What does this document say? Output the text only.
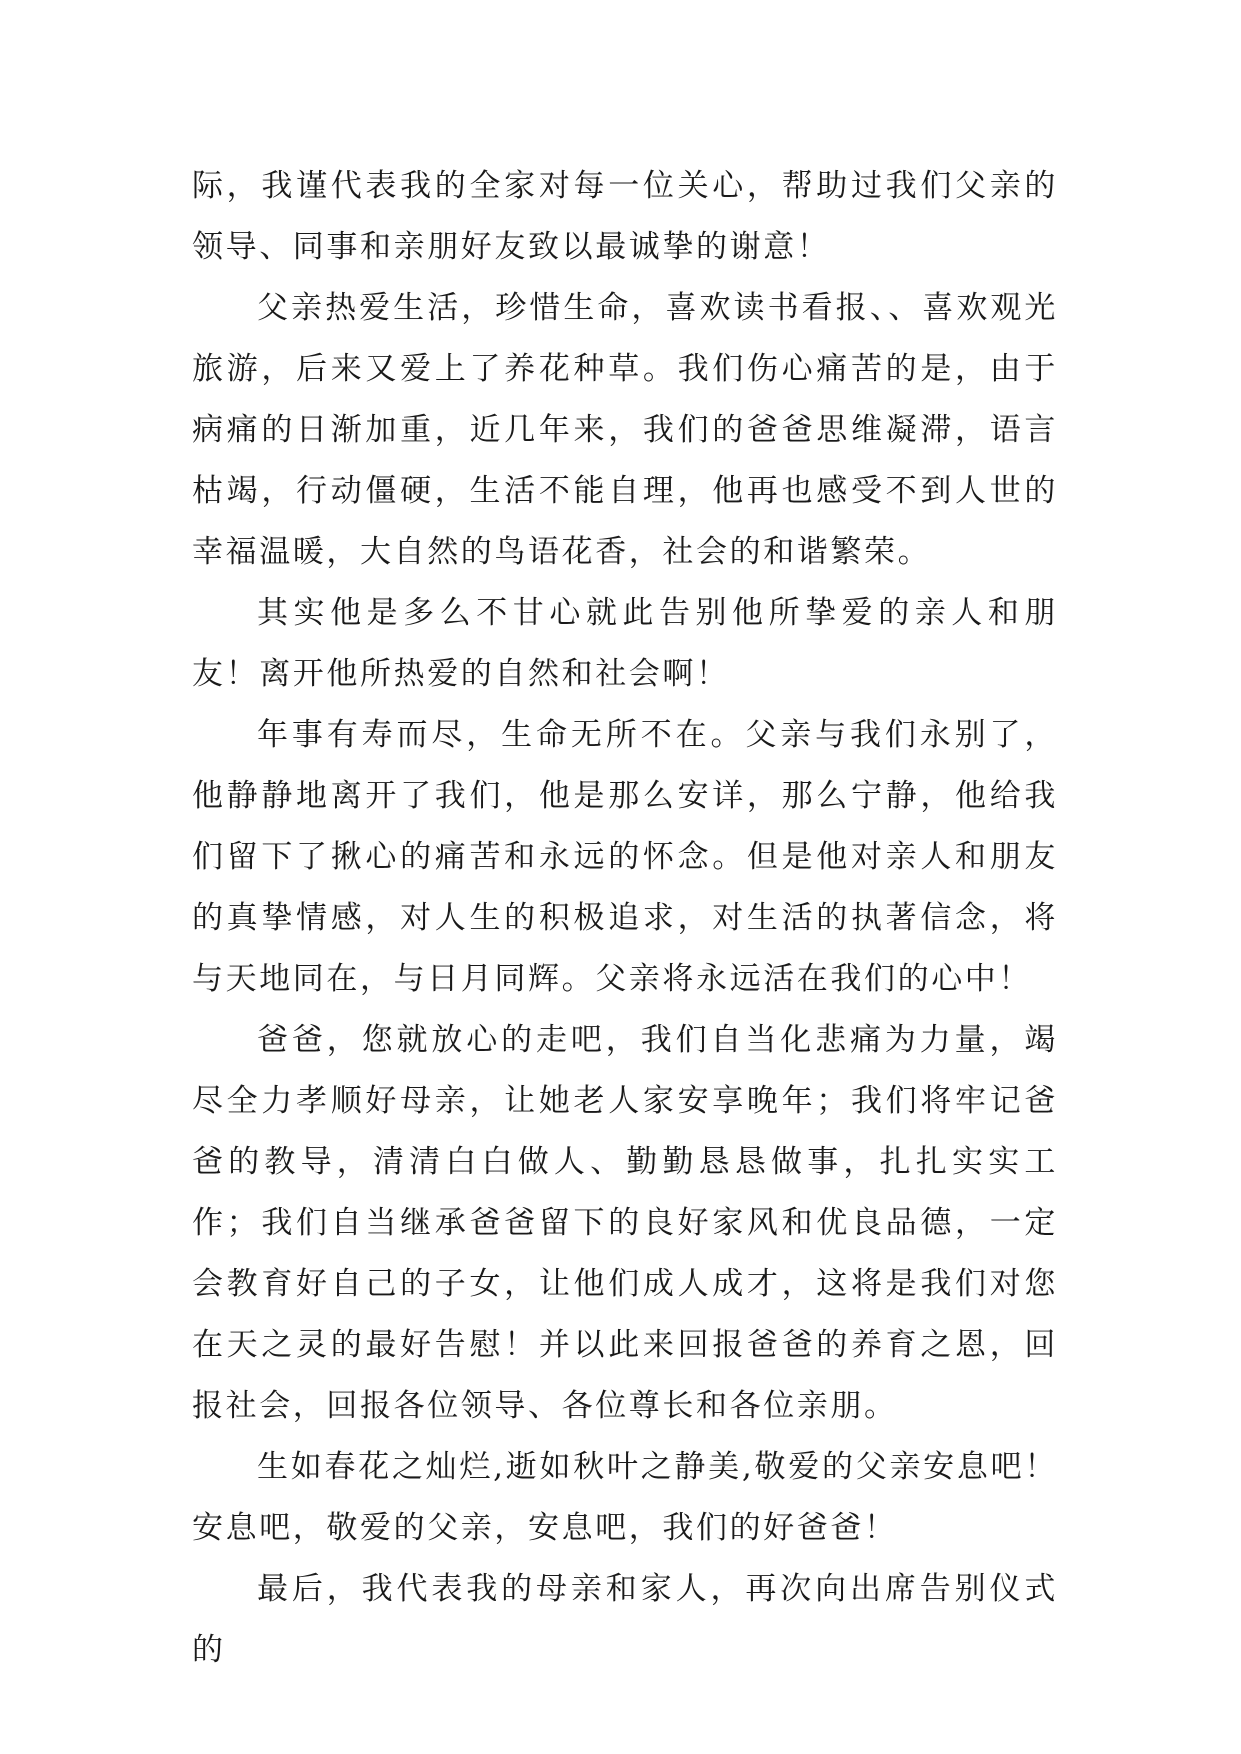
际，我谨代表我的全家对每一位关心，帮助过我们父亲的领导、同事和亲朋好友致以最诚挚的谢意！

父亲热爱生活，珍惜生命，喜欢读书看报、、喜欢观光旅游，后来又爱上了养花种草。我们伤心痛苦的是，由于病痛的日渐加重，近几年来，我们的爸爸思维凝滞，语言枯竭，行动僵硬，生活不能自理，他再也感受不到人世的幸福温暖，大自然的鸟语花香，社会的和谐繁荣。

其实他是多么不甘心就此告别他所挚爱的亲人和朋友！离开他所热爱的自然和社会啊！

年事有寿而尽，生命无所不在。父亲与我们永别了，他静静地离开了我们，他是那么安详，那么宁静，他给我们留下了揪心的痛苦和永远的怀念。但是他对亲人和朋友的真挚情感，对人生的积极追求，对生活的执著信念，将与天地同在，与日月同辉。父亲将永远活在我们的心中！

爸爸，您就放心的走吧，我们自当化悲痛为力量，竭尽全力孝顺好母亲，让她老人家安享晚年；我们将牢记爸爸的教导，清清白白做人、勤勤恳恳做事，扎扎实实工作；我们自当继承爸爸留下的良好家风和优良品德，一定会教育好自己的子女，让他们成人成才，这将是我们对您在天之灵的最好告慰！并以此来回报爸爸的养育之恩，回报社会，回报各位领导、各位尊长和各位亲朋。

生如春花之灿烂,逝如秋叶之静美,敬爱的父亲安息吧！安息吧，敬爱的父亲，安息吧，我们的好爸爸！

最后，我代表我的母亲和家人，再次向出席告别仪式的
